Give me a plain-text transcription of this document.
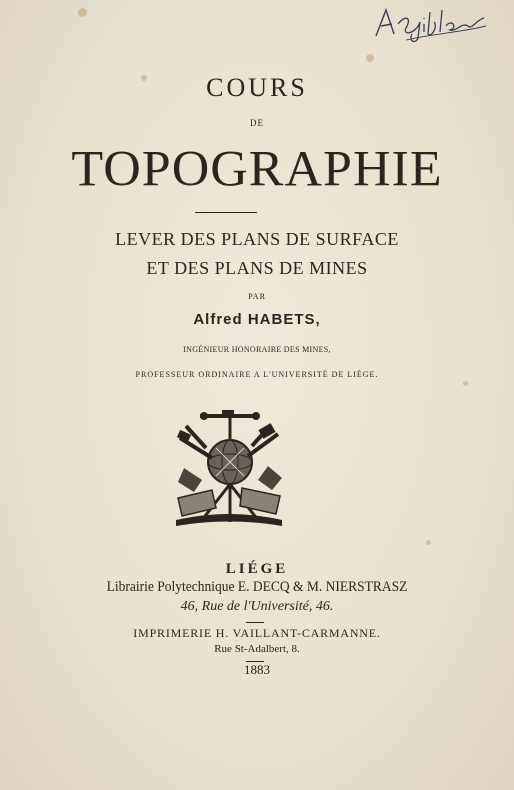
COURS
DE
TOPOGRAPHIE
LEVER DES PLANS DE SURFACE
ET DES PLANS DE MINES
PAR
Alfred HABETS,
INGÉNIEUR HONORAIRE DES MINES,
PROFESSEUR ORDINAIRE A L'UNIVERSITÉ DE LIÉGE.
LIÉGE
Librairie Polytechnique E. DECQ & M. NIERSTRASZ
46, Rue de l'Université, 46.
IMPRIMERIE H. VAILLANT-CARMANNE.
Rue St-Adalbert, 8.
1883
